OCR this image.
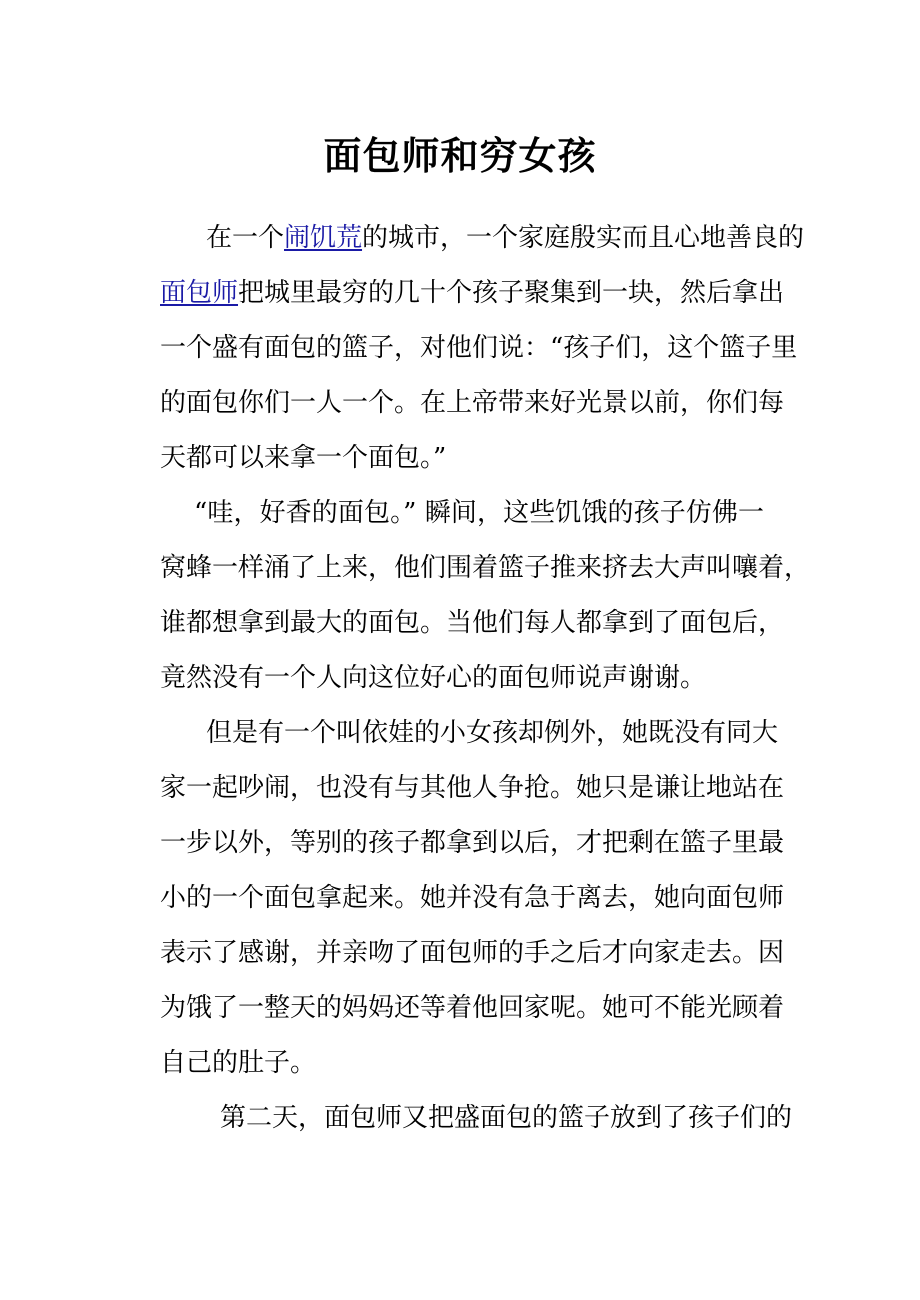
面包师和穷女孩

在一个闹饥荒的城市，一个家庭殷实而且心地善良的

面包师把城里最穷的几十个孩子聚集到一块，然后拿出

一个盛有面包的篮子，对他们说：“孩子们，这个篮子里

的面包你们一人一个。在上帝带来好光景以前，你们每

天都可以来拿一个面包。”

“哇，好香的面包。” 瞬间，这些饥饿的孩子仿佛一

窝蜂一样涌了上来，他们围着篮子推来挤去大声叫嚷着，

谁都想拿到最大的面包。当他们每人都拿到了面包后，

竟然没有一个人向这位好心的面包师说声谢谢。

但是有一个叫依娃的小女孩却例外，她既没有同大

家一起吵闹，也没有与其他人争抢。她只是谦让地站在

一步以外，等别的孩子都拿到以后，才把剩在篮子里最

小的一个面包拿起来。她并没有急于离去，她向面包师

表示了感谢，并亲吻了面包师的手之后才向家走去。因

为饿了一整天的妈妈还等着他回家呢。她可不能光顾着

自己的肚子。

第二天，面包师又把盛面包的篮子放到了孩子们的
